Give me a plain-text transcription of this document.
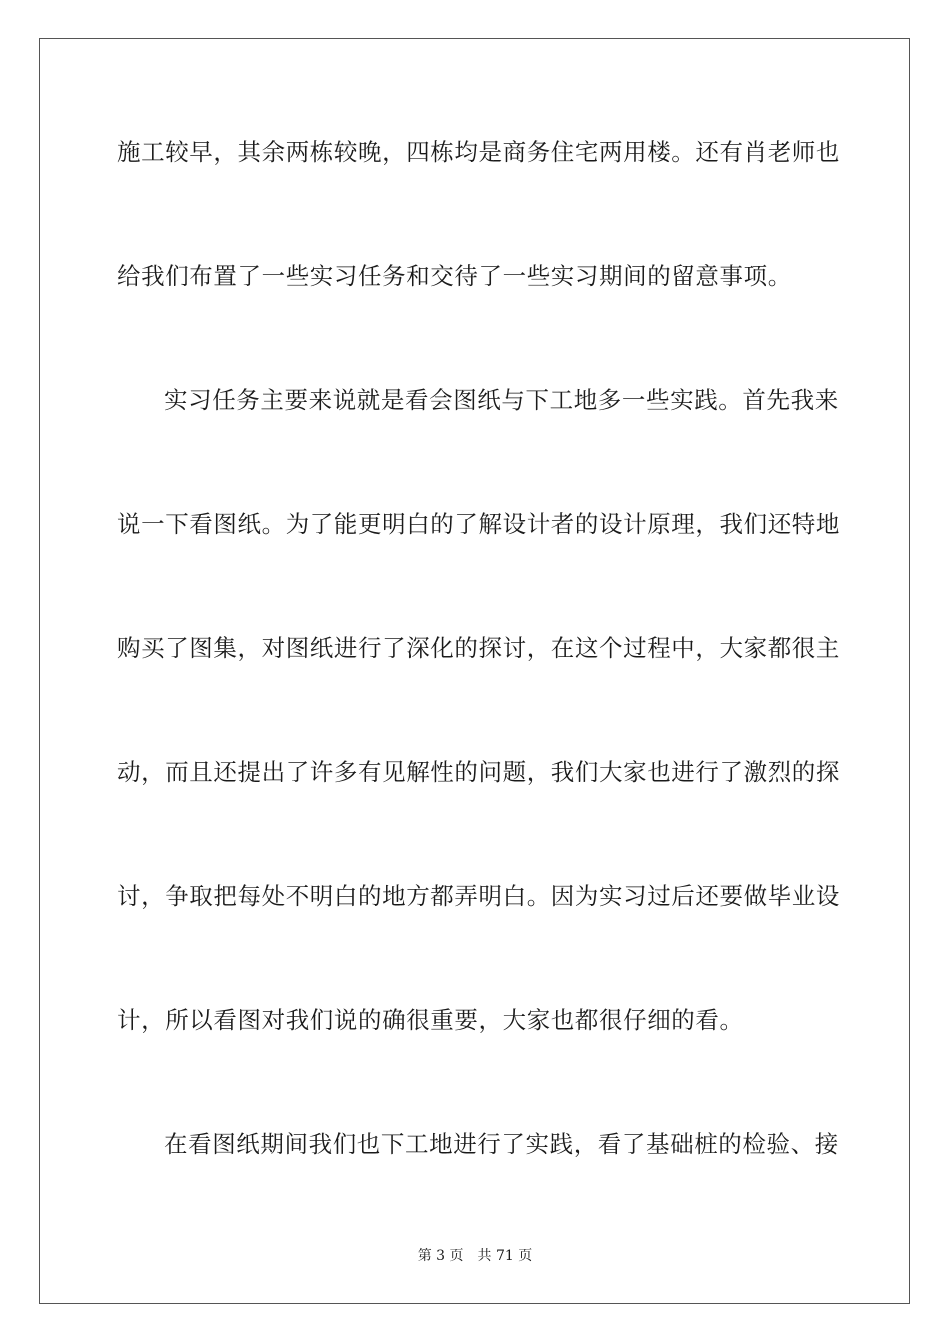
施工较早，其余两栋较晚，四栋均是商务住宅两用楼。还有肖老师也
给我们布置了一些实习任务和交待了一些实习期间的留意事项。
实习任务主要来说就是看会图纸与下工地多一些实践。首先我来
说一下看图纸。为了能更明白的了解设计者的设计原理，我们还特地
购买了图集，对图纸进行了深化的探讨，在这个过程中，大家都很主
动，而且还提出了许多有见解性的问题，我们大家也进行了激烈的探
讨，争取把每处不明白的地方都弄明白。因为实习过后还要做毕业设
计，所以看图对我们说的确很重要，大家也都很仔细的看。
在看图纸期间我们也下工地进行了实践，看了基础桩的检验、接
第 3 页 共 71 页
